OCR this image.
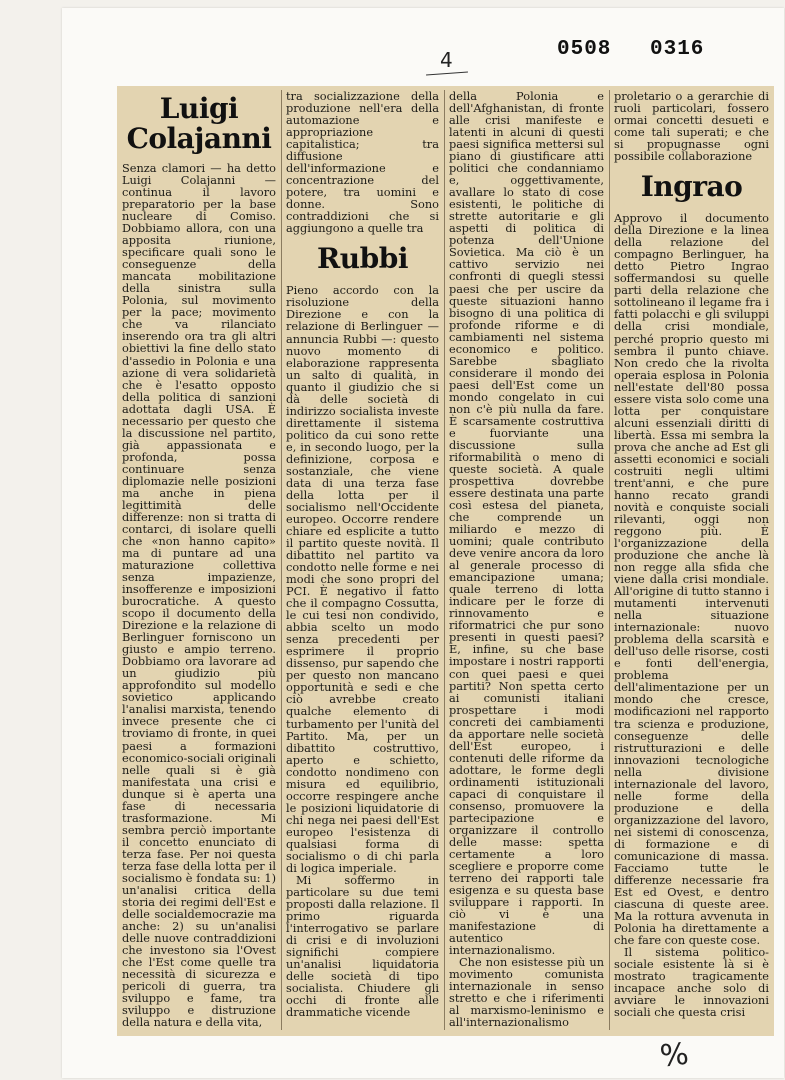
0508 0316
4
Luigi Colajanni

Senza clamori — ha detto Luigi Colajanni — continua il lavoro preparatorio per la base nucleare di Comiso. Dobbiamo allora, con una apposita riunione, specificare quali sono le conseguenze della mancata mobilitazione della sinistra sulla Polonia, sul movimento per la pace; movimento che va rilanciato inserendo ora tra gli altri obiettivi la fine dello stato d'assedio in Polonia e una azione di vera solidarietà che è l'esatto opposto della politica di sanzioni adottata dagli USA. È necessario per questo che la discussione nel partito, già appassionata e profonda, possa continuare senza diplomazie nelle posizioni ma anche in piena legittimità delle differenze: non si tratta di contarci, di isolare quelli che «non hanno capito» ma di puntare ad una maturazione collettiva senza impazienze, insofferenze e imposizioni burocratiche. A questo scopo il documento della Direzione e la relazione di Berlinguer forniscono un giusto e ampio terreno. Dobbiamo ora lavorare ad un giudizio più approfondito sul modello sovietico applicando l'analisi marxista, tenendo invece presente che ci troviamo di fronte, in quei paesi a formazioni economico-sociali originali nelle quali si è già manifestata una crisi e dunque si è aperta una fase di necessaria trasformazione. Mi sembra perciò importante il concetto enunciato di terza fase. Per noi questa terza fase della lotta per il socialismo è fondata su: 1) un'analisi critica della storia dei regimi dell'Est e delle socialdemocrazie ma anche: 2) su un'analisi delle nuove contraddizioni che investono sia l'Ovest che l'Est come quelle tra necessità di sicurezza e pericoli di guerra, tra sviluppo e fame, tra sviluppo e distruzione della natura e della vita,

tra socializzazione della produzione nell'era della automazione e appropriazione capitalistica; tra diffusione dell'informazione e concentrazione del potere, tra uomini e donne. Sono contraddizioni che si aggiungono a quelle tra

Rubbi

Pieno accordo con la risoluzione della Direzione e con la relazione di Berlinguer — annuncia Rubbi —: questo nuovo momento di elaborazione rappresenta un salto di qualità, in quanto il giudizio che si dà delle società di indirizzo socialista investe direttamente il sistema politico da cui sono rette e, in secondo luogo, per la definizione, corposa e sostanziale, che viene data di una terza fase della lotta per il socialismo nell'Occidente europeo. Occorre rendere chiare ed esplicite a tutto il partito queste novità. Il dibattito nel partito va condotto nelle forme e nei modi che sono propri del PCI. È negativo il fatto che il compagno Cossutta, le cui tesi non condivido, abbia scelto un modo senza precedenti per esprimere il proprio dissenso, pur sapendo che per questo non mancano opportunità e sedi e che ciò avrebbe creato qualche elemento di turbamento per l'unità del Partito. Ma, per un dibattito costruttivo, aperto e schietto, condotto nondimeno con misura ed equilibrio, occorre respingere anche le posizioni liquidatorie di chi nega nei paesi dell'Est europeo l'esistenza di qualsiasi forma di socialismo o di chi parla di logica imperiale.

Mi soffermo in particolare su due temi proposti dalla relazione. Il primo riguarda l'interrogativo se parlare di crisi e di involuzioni significhi compiere un'analisi liquidatoria delle società di tipo socialista. Chiudere gli occhi di fronte alle drammatiche vicende

della Polonia e dell'Afghanistan, di fronte alle crisi manifeste e latenti in alcuni di questi paesi significa mettersi sul piano di giustificare atti politici che condanniamo e, oggettivamente, avallare lo stato di cose esistenti, le politiche di strette autoritarie e gli aspetti di politica di potenza dell'Unione Sovietica. Ma ciò è un cattivo servizio nei confronti di quegli stessi paesi che per uscire da queste situazioni hanno bisogno di una politica di profonde riforme e di cambiamenti nel sistema economico e politico. Sarebbe sbagliato considerare il mondo dei paesi dell'Est come un mondo congelato in cui non c'è più nulla da fare. È scarsamente costruttiva e fuorviante una discussione sulla riformabilità o meno di queste società. A quale prospettiva dovrebbe essere destinata una parte così estesa del pianeta, che comprende un miliardo e mezzo di uomini; quale contributo deve venire ancora da loro al generale processo di emancipazione umana; quale terreno di lotta indicare per le forze di rinnovamento e riformatrici che pur sono presenti in questi paesi? E, infine, su che base impostare i nostri rapporti con quei paesi e quei partiti? Non spetta certo ai comunisti italiani prospettare i modi concreti dei cambiamenti da apportare nelle società dell'Est europeo, i contenuti delle riforme da adottare, le forme degli ordinamenti istituzionali capaci di conquistare il consenso, promuovere la partecipazione e organizzare il controllo delle masse: spetta certamente a loro scegliere e proporre come terreno dei rapporti tale esigenza e su questa base sviluppare i rapporti. In ciò vi è una manifestazione di autentico internazionalismo.

Che non esistesse più un movimento comunista internazionale in senso stretto e che i riferimenti al marxismo-leninismo e all'internazionalismo

proletario o a gerarchie di ruoli particolari, fossero ormai concetti desueti e come tali superati; e che si propugnasse ogni possibile collaborazione

Ingrao

Approvo il documento della Direzione e la linea della relazione del compagno Berlinguer, ha detto Pietro Ingrao soffermandosi su quelle parti della relazione che sottolineano il legame fra i fatti polacchi e gli sviluppi della crisi mondiale, perché proprio questo mi sembra il punto chiave. Non credo che la rivolta operaia esplosa in Polonia nell'estate dell'80 possa essere vista solo come una lotta per conquistare alcuni essenziali diritti di libertà. Essa mi sembra la prova che anche ad Est gli assetti economici e sociali costruiti negli ultimi trent'anni, e che pure hanno recato grandi novità e conquiste sociali rilevanti, oggi non reggono più. È l'organizzazione della produzione che anche là non regge alla sfida che viene dalla crisi mondiale. All'origine di tutto stanno i mutamenti intervenuti nella situazione internazionale: nuovo problema della scarsità e dell'uso delle risorse, costi e fonti dell'energia, problema dell'alimentazione per un mondo che cresce, modificazioni nel rapporto tra scienza e produzione, conseguenze delle ristrutturazioni e delle innovazioni tecnologiche nella divisione internazionale del lavoro, nelle forme della produzione e della organizzazione del lavoro, nei sistemi di conoscenza, di formazione e di comunicazione di massa. Facciamo tutte le differenze necessarie fra Est ed Ovest, e dentro ciascuna di queste aree. Ma la rottura avvenuta in Polonia ha direttamente a che fare con queste cose.

Il sistema politico-sociale esistente là si è mostrato tragicamente incapace anche solo di avviare le innovazioni sociali che questa crisi

%
